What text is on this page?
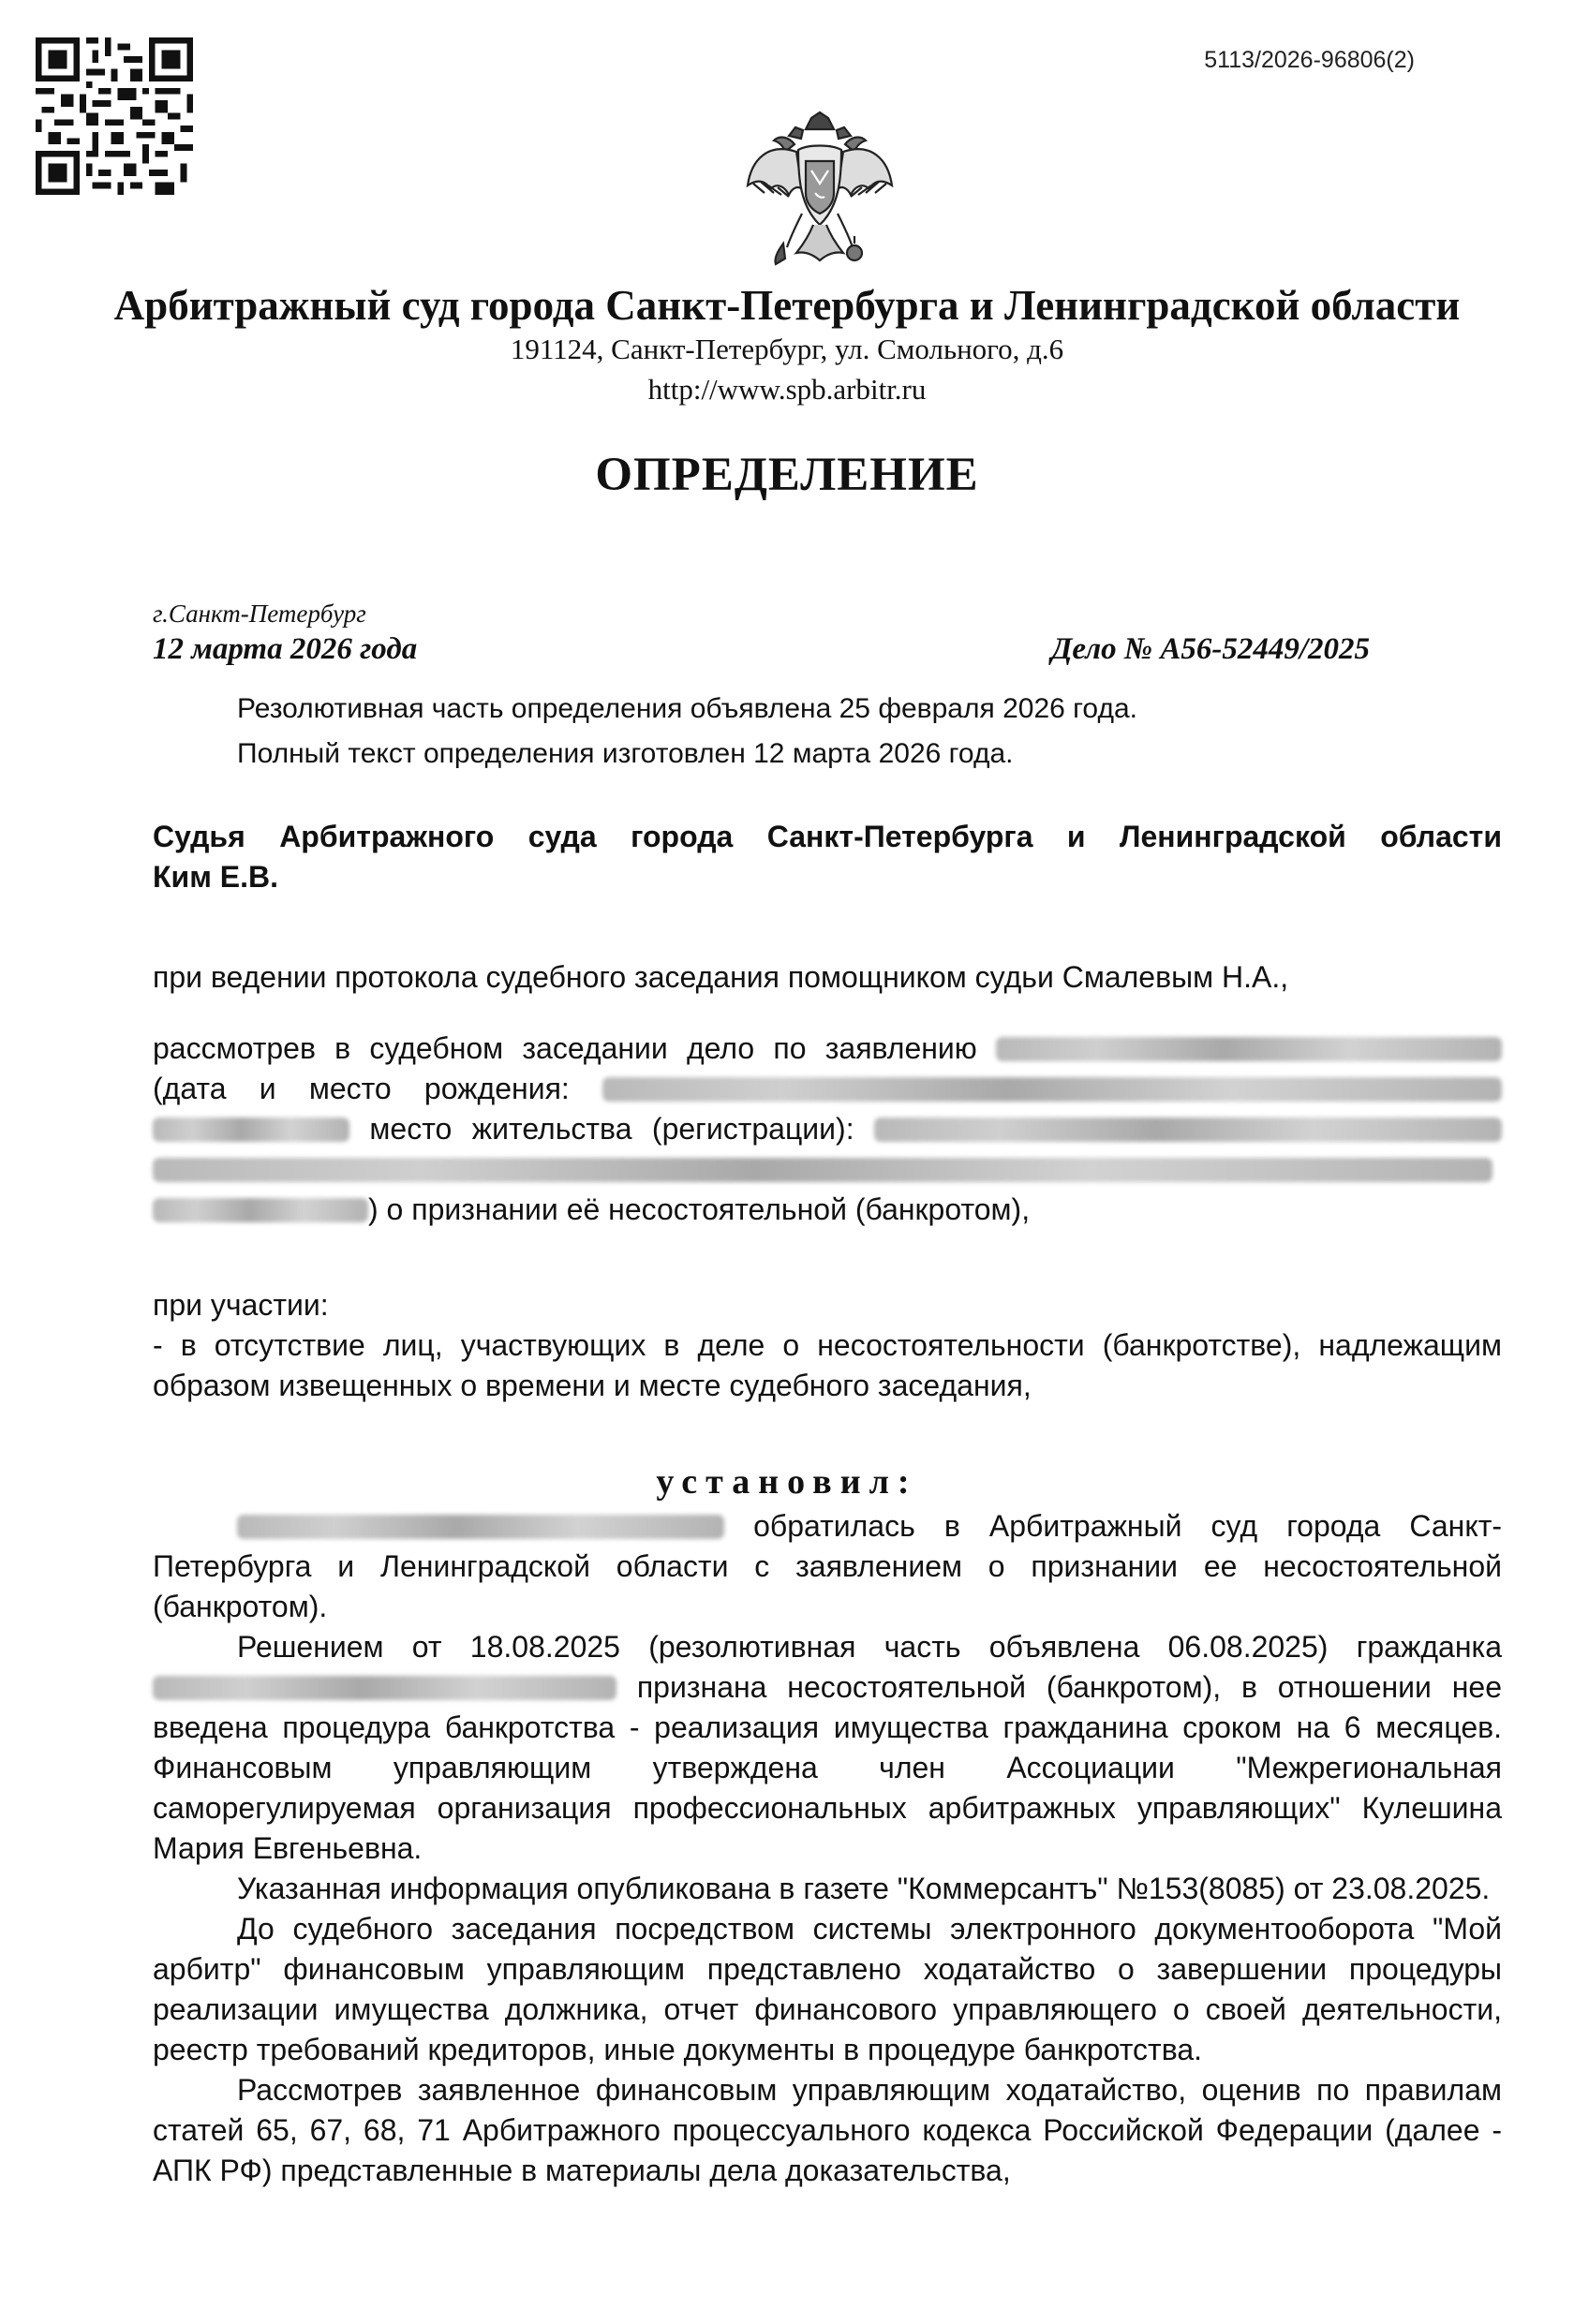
5113/2026-96806(2)
Арбитражный суд города Санкт-Петербурга и Ленинградской области
191124, Санкт-Петербург, ул. Смольного, д.6
http://www.spb.arbitr.ru
ОПРЕДЕЛЕНИЕ
г.Санкт-Петербург
12 марта 2026 года	Дело № А56-52449/2025
Резолютивная часть определения объявлена 25 февраля 2026 года.
Полный текст определения изготовлен 12 марта 2026 года.
Судья Арбитражного суда города Санкт-Петербурга и Ленинградской области
Ким Е.В.
при ведении протокола судебного заседания помощником судьи Смалевым Н.А.,
рассмотрев в судебном заседании дело по заявлению  (дата и место рождения:   место жительства (регистрации):   ) о признании её несостоятельной (банкротом),
при участии:
- в отсутствие лиц, участвующих в деле о несостоятельности (банкротстве), надлежащим образом извещенных о времени и месте судебного заседания,
установил:

обратилась в Арбитражный суд города Санкт-Петербурга и Ленинградской области с заявлением о признании ее несостоятельной (банкротом).

Решением от 18.08.2025 (резолютивная часть объявлена 06.08.2025) гражданка  признана несостоятельной (банкротом), в отношении нее введена процедура банкротства - реализация имущества гражданина сроком на 6 месяцев. Финансовым управляющим утверждена член Ассоциации "Межрегиональная саморегулируемая организация профессиональных арбитражных управляющих" Кулешина Мария Евгеньевна.

Указанная информация опубликована в газете "Коммерсантъ" №153(8085) от 23.08.2025.

До судебного заседания посредством системы электронного документооборота "Мой арбитр" финансовым управляющим представлено ходатайство о завершении процедуры реализации имущества должника, отчет финансового управляющего о своей деятельности, реестр требований кредиторов, иные документы в процедуре банкротства.

Рассмотрев заявленное финансовым управляющим ходатайство, оценив по правилам статей 65, 67, 68, 71 Арбитражного процессуального кодекса Российской Федерации (далее - АПК РФ) представленные в материалы дела доказательства,
